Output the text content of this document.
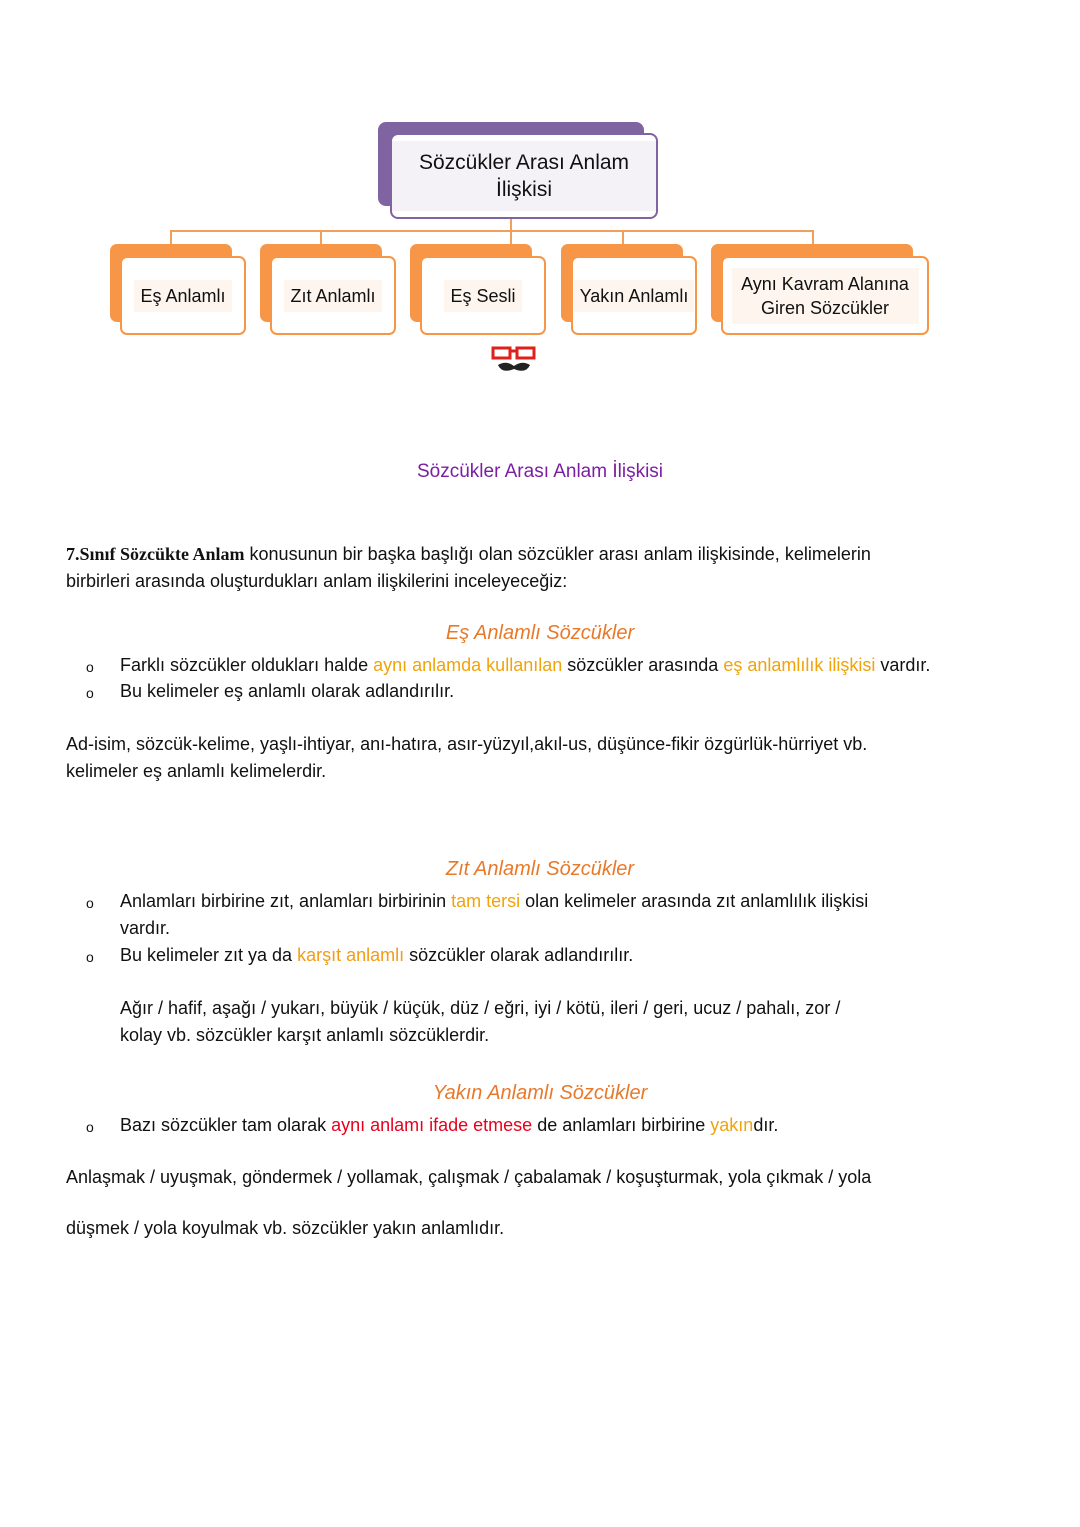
Sözcükler Arası Anlam İlişkisi
Eş Anlamlı	Zıt Anlamlı	Eş Sesli	Yakın Anlamlı
Aynı Kavram Alanına Giren Sözcükler
Sözcükler Arası Anlam İlişkisi
7.Sınıf Sözcükte Anlam konusunun bir başka başlığı olan sözcükler arası anlam ilişkisinde, kelimelerin
birbirleri arasında oluşturdukları anlam ilişkilerini inceleyeceğiz:
Eş Anlamlı Sözcükler
o Farklı sözcükler oldukları halde aynı anlamda kullanılan sözcükler arasında eş anlamlılık ilişkisi vardır.
o Bu kelimeler eş anlamlı olarak adlandırılır.
Ad-isim, sözcük-kelime, yaşlı-ihtiyar, anı-hatıra, asır-yüzyıl,akıl-us, düşünce-fikir özgürlük-hürriyet vb.
kelimeler eş anlamlı kelimelerdir.
Zıt Anlamlı Sözcükler
o Anlamları birbirine zıt, anlamları birbirinin tam tersi olan kelimeler arasında zıt anlamlılık ilişkisi
vardır.
o Bu kelimeler zıt ya da karşıt anlamlı sözcükler olarak adlandırılır.
Ağır / hafif, aşağı / yukarı, büyük / küçük, düz / eğri, iyi / kötü, ileri / geri, ucuz / pahalı, zor /
kolay vb. sözcükler karşıt anlamlı sözcüklerdir.
Yakın Anlamlı Sözcükler
o Bazı sözcükler tam olarak aynı anlamı ifade etmese de anlamları birbirine yakındır.
Anlaşmak / uyuşmak, göndermek / yollamak, çalışmak / çabalamak / koşuşturmak, yola çıkmak / yola
düşmek / yola koyulmak vb. sözcükler yakın anlamlıdır.
